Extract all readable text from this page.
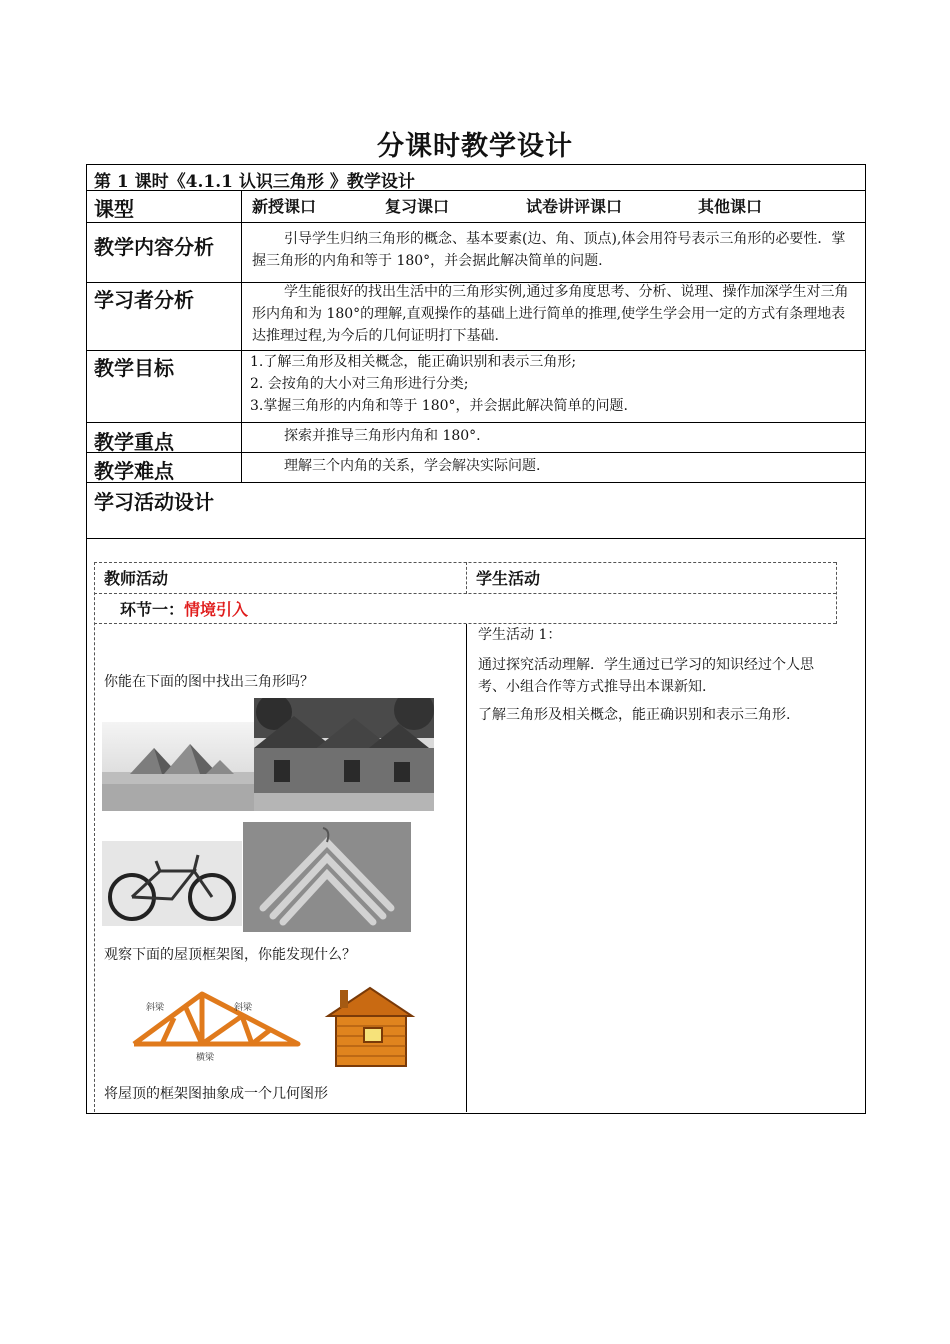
分课时教学设计
第 1 课时《4.1.1 认识三角形 》教学设计
课型	新授课口	复习课口	试卷讲评课口	其他课口
教学内容分析	引导学生归纳三角形的概念、基本要素(边、角、顶点),体会用符号表示三角形的必要性．掌握三角形的内角和等于 180°，并会据此解决简单的问题.
学习者分析	学生能很好的找出生活中的三角形实例,通过多角度思考、分析、说理、操作加深学生对三角形内角和为 180°的理解,直观操作的基础上进行简单的推理,使学生学会用一定的方式有条理地表达推理过程,为今后的几何证明打下基础.
教学目标	1.了解三角形及相关概念，能正确识别和表示三角形;
2. 会按角的大小对三角形进行分类;
3.掌握三角形的内角和等于 180°，并会据此解决简单的问题.
教学重点	探索并推导三角形内角和 180°.
教学难点	理解三个内角的关系，学会解决实际问题.
学习活动设计
教师活动	学生活动
环节一：情境引入
你能在下面的图中找出三角形吗？
观察下面的屋顶框架图，你能发现什么？
斜梁	斜梁
横梁
将屋顶的框架图抽象成一个几何图形
学生活动 1：
通过探究活动理解．学生通过已学习的知识经过个人思考、小组合作等方式推导出本课新知.
了解三角形及相关概念，能正确识别和表示三角形.
